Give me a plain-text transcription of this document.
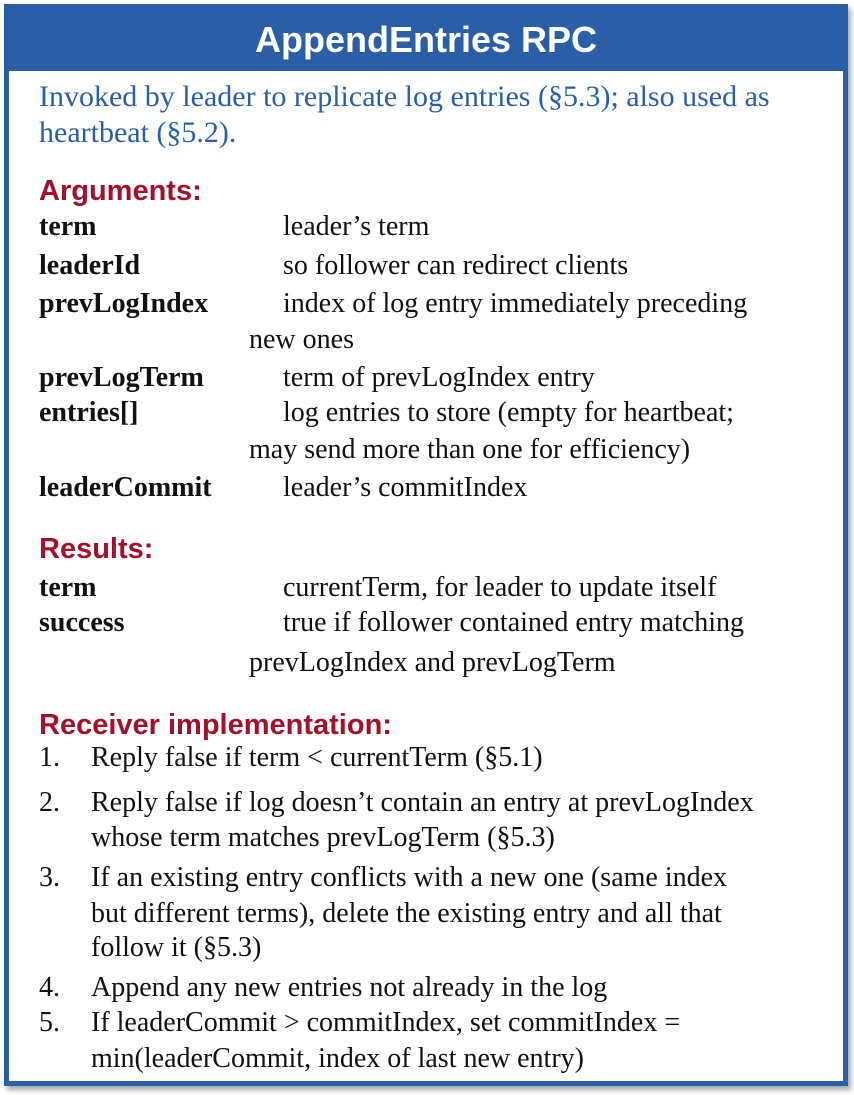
AppendEntries RPC
Invoked by leader to replicate log entries (§5.3); also used as
heartbeat (§5.2).
Arguments:
term	leader’s term
leaderId	so follower can redirect clients
prevLogIndex	index of log entry immediately preceding
new ones
prevLogTerm	term of prevLogIndex entry
entries[]	log entries to store (empty for heartbeat;
may send more than one for efficiency)
leaderCommit	leader’s commitIndex
Results:
term	currentTerm, for leader to update itself
success	true if follower contained entry matching
prevLogIndex and prevLogTerm
Receiver implementation:
1. Reply false if term < currentTerm (§5.1)
2. Reply false if log doesn’t contain an entry at prevLogIndex
whose term matches prevLogTerm (§5.3)
3. If an existing entry conflicts with a new one (same index
but different terms), delete the existing entry and all that
follow it (§5.3)
4. Append any new entries not already in the log
5. If leaderCommit > commitIndex, set commitIndex =
min(leaderCommit, index of last new entry)
